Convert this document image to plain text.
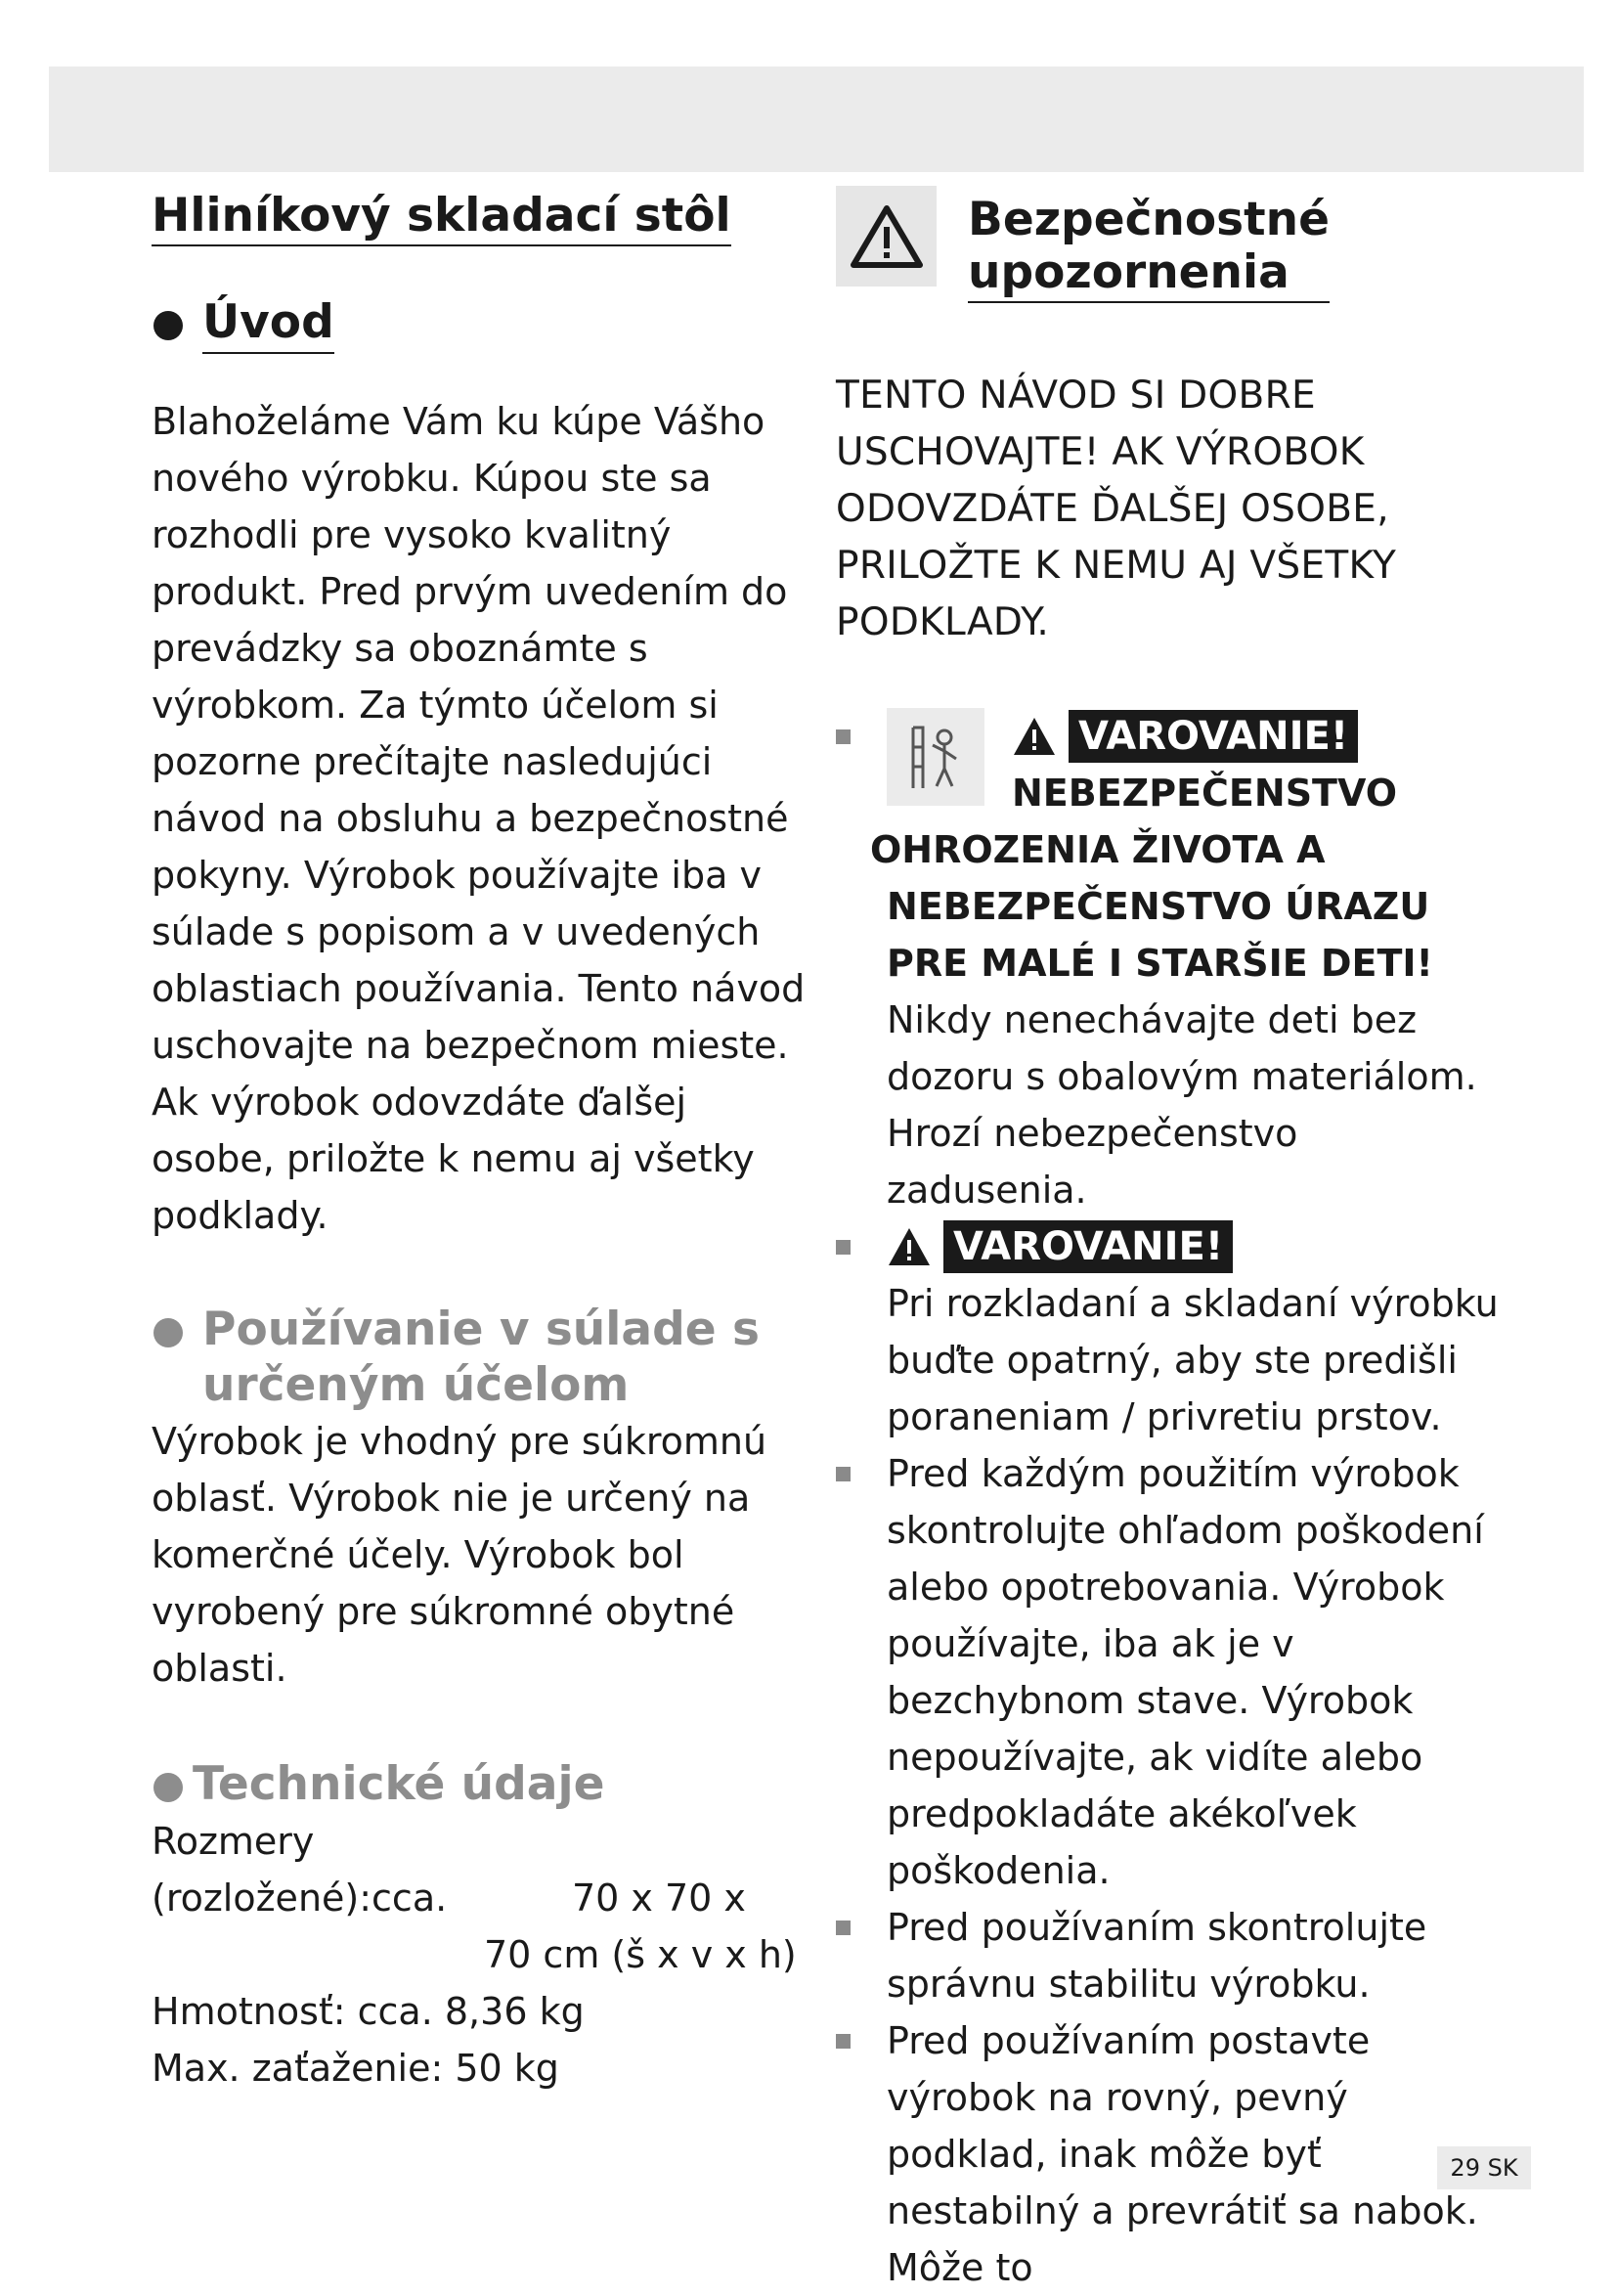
Hliníkový skladací stôl
Úvod

Blahoželáme Vám ku kúpe Vášho nového výrobku. Kúpou ste sa rozhodli pre vysoko kvalitný produkt. Pred prvým uvedením do prevádzky sa oboznámte s výrobkom. Za týmto účelom si pozorne prečítajte nasledujúci návod na obsluhu a bezpečnostné pokyny. Výrobok používajte iba v súlade s popisom a v uvedených oblastiach používania. Tento návod uschovajte na bezpečnom mieste. Ak výrobok odovzdáte ďalšej osobe, priložte k nemu aj všetky podklady.

Používanie v súlade s určeným účelom

Výrobok je vhodný pre súkromnú oblasť. Výrobok nie je určený na komerčné účely. Výrobok bol vyrobený pre súkromné obytné oblasti.

Technické údaje
Rozmery
(rozložené):cca.	70 x 70 x
70 cm (š x v x h)
Hmotnosť: cca. 8,36 kg
Max. zaťaženie: 50 kg
Bezpečnostné
upozornenia
TENTO NÁVOD SI DOBRE USCHOVAJTE! AK VÝROBOK ODOVZDÁTE ĎALŠEJ OSOBE, PRILOŽTE K NEMU AJ VŠETKY PODKLADY.
VAROVANIE!
NEBEZPEČENSTVO
OHROZENIA ŽIVOTA A
NEBEZPEČENSTVO ÚRAZU
PRE MALÉ I STARŠIE DETI!
Nikdy nenechávajte deti bez dozoru s obalovým materiálom. Hrozí nebezpečenstvo zadusenia.
VAROVANIE!
Pri rozkladaní a skladaní výrobku buďte opatrný, aby ste predišli poraneniam / privretiu prstov.
Pred každým použitím výrobok skontrolujte ohľadom poškodení alebo opotrebovania. Výrobok používajte, iba ak je v bezchybnom stave. Výrobok nepoužívajte, ak vidíte alebo predpokladáte akékoľvek poškodenia.
Pred používaním skontrolujte správnu stabilitu výrobku.
Pred používaním postavte výrobok na rovný, pevný podklad, inak môže byť nestabilný a prevrátiť sa nabok. Môže to
29 SK
